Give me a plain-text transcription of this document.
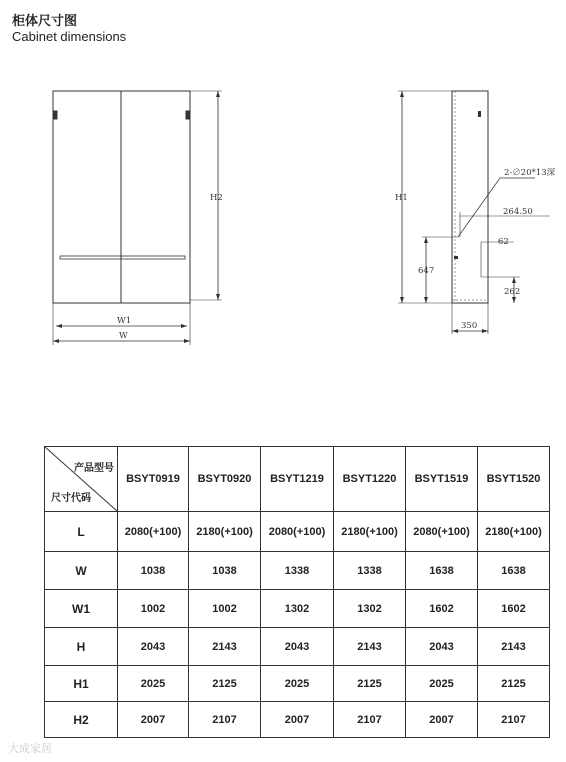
柜体尺寸图
Cabinet dimensions
H2
W1
W
H1
2-∅20*13深
264.50
62
647
262
350
产品型号
尺寸代码	BSYT0919	BSYT0920	BSYT1219	BSYT1220	BSYT1519	BSYT1520
L	2080(+100)	2180(+100)	2080(+100)	2180(+100)	2080(+100)	2180(+100)
W	1038	1038	1338	1338	1638	1638
W1	1002	1002	1302	1302	1602	1602
H	2043	2143	2043	2143	2043	2143
H1	2025	2125	2025	2125	2025	2125
H2	2007	2107	2007	2107	2007	2107
大成家居
